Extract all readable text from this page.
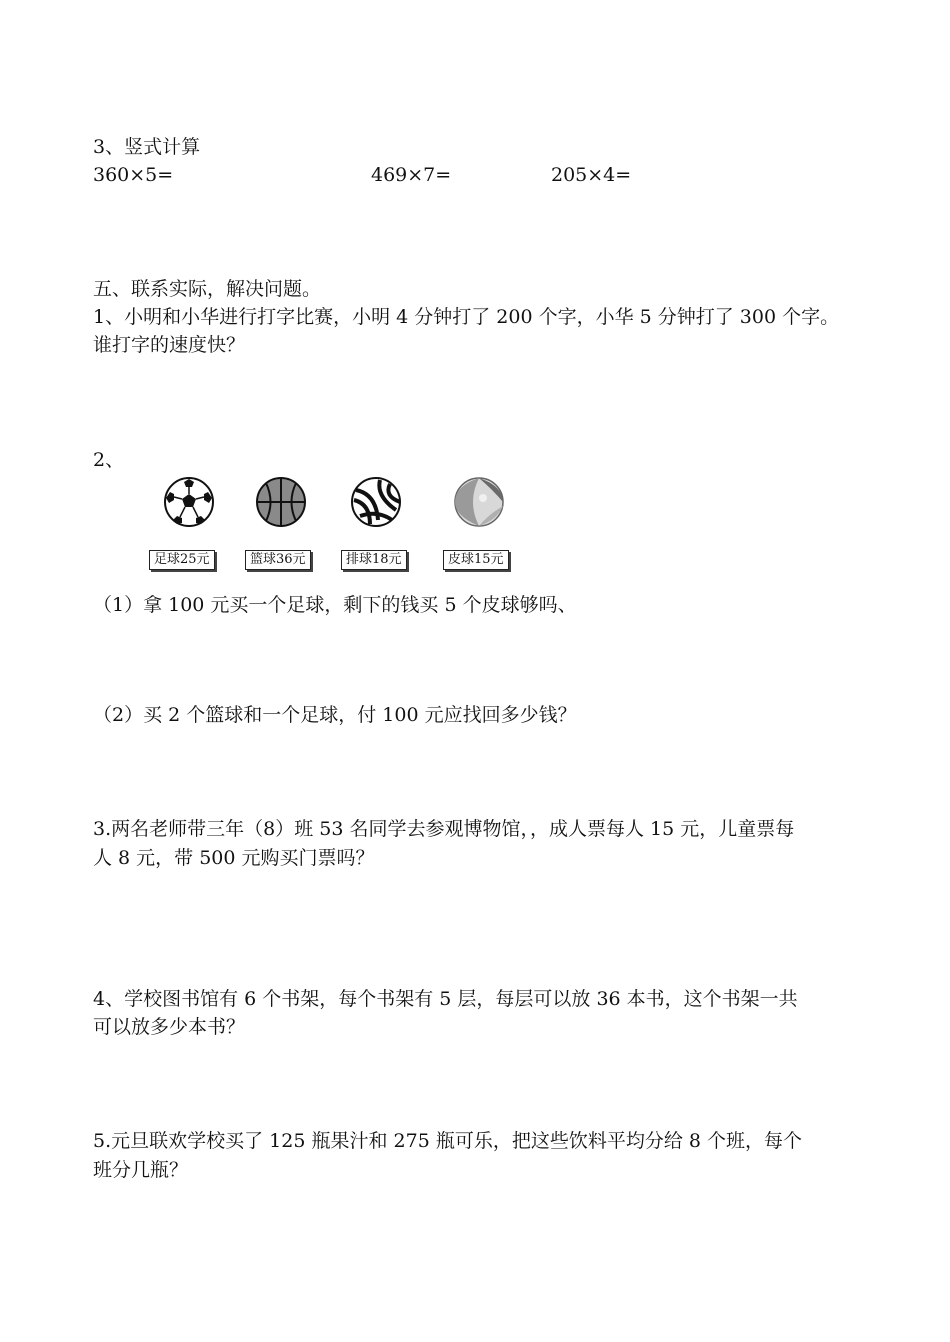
3、竖式计算
360×5=	469×7=	205×4=
五、联系实际，解决问题。
1、小明和小华进行打字比赛，小明 4 分钟打了 200 个字，小华 5 分钟打了 300 个字。
谁打字的速度快？
2、
足球25元	篮球36元	排球18元	皮球15元
（1）拿 100 元买一个足球，剩下的钱买 5 个皮球够吗、
（2）买 2 个篮球和一个足球，付 100 元应找回多少钱？
3.两名老师带三年（8）班 53 名同学去参观博物馆，，成人票每人 15 元，儿童票每
人 8 元，带 500 元购买门票吗？
4、学校图书馆有 6 个书架，每个书架有 5 层，每层可以放 36 本书，这个书架一共
可以放多少本书？
5.元旦联欢学校买了 125 瓶果汁和 275 瓶可乐，把这些饮料平均分给 8 个班，每个
班分几瓶？
